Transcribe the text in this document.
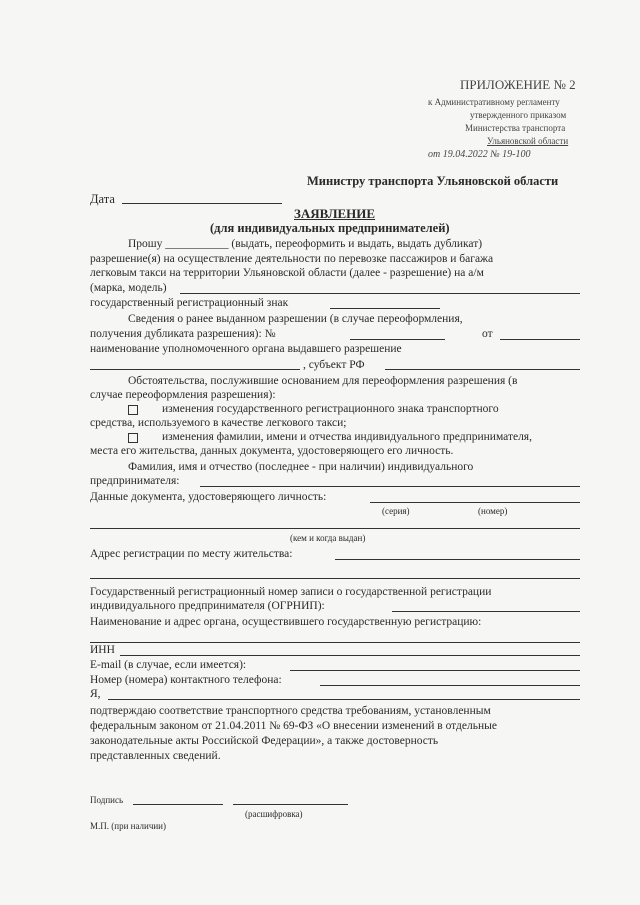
ПРИЛОЖЕНИЕ № 2
к Административному регламенту
утвержденного приказом
Министерства транспорта
Ульяновской области
от 19.04.2022 № 19-100
Министру транспорта Ульяновской области
Дата
ЗАЯВЛЕНИЕ
(для индивидуальных предпринимателей)
Прошу ___________ (выдать, переоформить и выдать, выдать дубликат)
разрешение(я) на осуществление деятельности по перевозке пассажиров и багажа
легковым такси на территории Ульяновской области (далее - разрешение) на а/м
(марка, модель)
государственный регистрационный знак
Сведения о ранее выданном разрешении (в случае переоформления,
получения дубликата разрешения): №	от
наименование уполномоченного органа выдавшего разрешение
, субъект РФ
Обстоятельства, послужившие основанием для переоформления разрешения (в
случае переоформления разрешения):
изменения государственного регистрационного знака транспортного
средства, используемого в качестве легкового такси;
изменения фамилии, имени и отчества индивидуального предпринимателя,
места его жительства, данных документа, удостоверяющего его личность.
Фамилия, имя и отчество (последнее - при наличии) индивидуального
предпринимателя:
Данные документа, удостоверяющего личность:
(серия)	(номер)
(кем и когда выдан)
Адрес регистрации по месту жительства:
Государственный регистрационный номер записи о государственной регистрации
индивидуального предпринимателя (ОГРНИП):
Наименование и адрес органа, осуществившего государственную регистрацию:
ИНН
E-mail (в случае, если имеется):
Номер (номера) контактного телефона:
Я,
подтверждаю соответствие транспортного средства требованиям, установленным
федеральным законом от 21.04.2011 № 69-ФЗ «О внесении изменений в отдельные
законодательные акты Российской Федерации», а также достоверность
представленных сведений.
Подпись
(расшифровка)
М.П. (при наличии)
